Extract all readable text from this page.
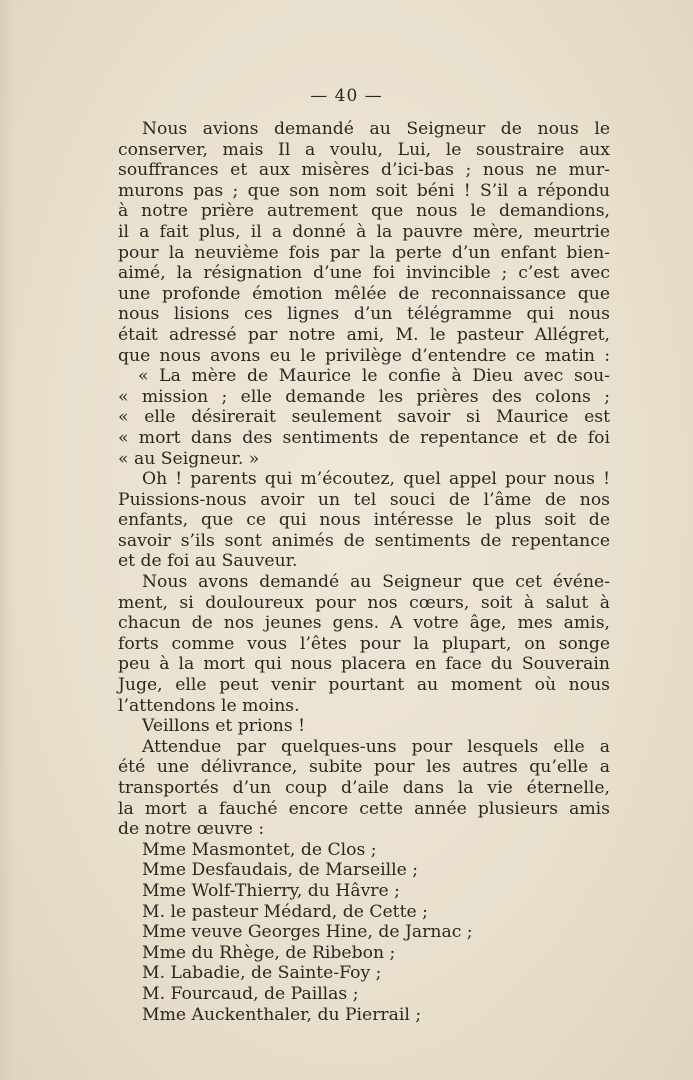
— 40 —

Nous avions demandé au Seigneur de nous le

conserver, mais Il a voulu, Lui, le soustraire aux

souffrances et aux misères d’ici-bas ; nous ne mur-

murons pas ; que son nom soit béni ! S’il a répondu

à notre prière autrement que nous le demandions,

il a fait plus, il a donné à la pauvre mère, meurtrie

pour la neuvième fois par la perte d’un enfant bien-

aimé, la résignation d’une foi invincible ; c’est avec

une profonde émotion mêlée de reconnaissance que

nous lisions ces lignes d’un télégramme qui nous

était adressé par notre ami, M. le pasteur Allégret,

que nous avons eu le privilège d’entendre ce matin :

« La mère de Maurice le confie à Dieu avec sou-

« mission ; elle demande les prières des colons ;

« elle désirerait seulement savoir si Maurice est

« mort dans des sentiments de repentance et de foi

« au Seigneur. »

Oh ! parents qui m’écoutez, quel appel pour nous !

Puissions-nous avoir un tel souci de l’âme de nos

enfants, que ce qui nous intéresse le plus soit de

savoir s’ils sont animés de sentiments de repentance

et de foi au Sauveur.

Nous avons demandé au Seigneur que cet événe-

ment, si douloureux pour nos cœurs, soit à salut à

chacun de nos jeunes gens. A votre âge, mes amis,

forts comme vous l’êtes pour la plupart, on songe

peu à la mort qui nous placera en face du Souverain

Juge, elle peut venir pourtant au moment où nous

l’attendons le moins.

Veillons et prions !

Attendue par quelques-uns pour lesquels elle a

été une délivrance, subite pour les autres qu’elle a

transportés d’un coup d’aile dans la vie éternelle,

la mort a fauché encore cette année plusieurs amis

de notre œuvre :

Mme Masmontet, de Clos ;
Mme Desfaudais, de Marseille ;
Mme Wolf-Thierry, du Hâvre ;
M. le pasteur Médard, de Cette ;
Mme veuve Georges Hine, de Jarnac ;
Mme du Rhège, de Ribebon ;
M. Labadie, de Sainte-Foy ;
M. Fourcaud, de Paillas ;
Mme Auckenthaler, du Pierrail ;
